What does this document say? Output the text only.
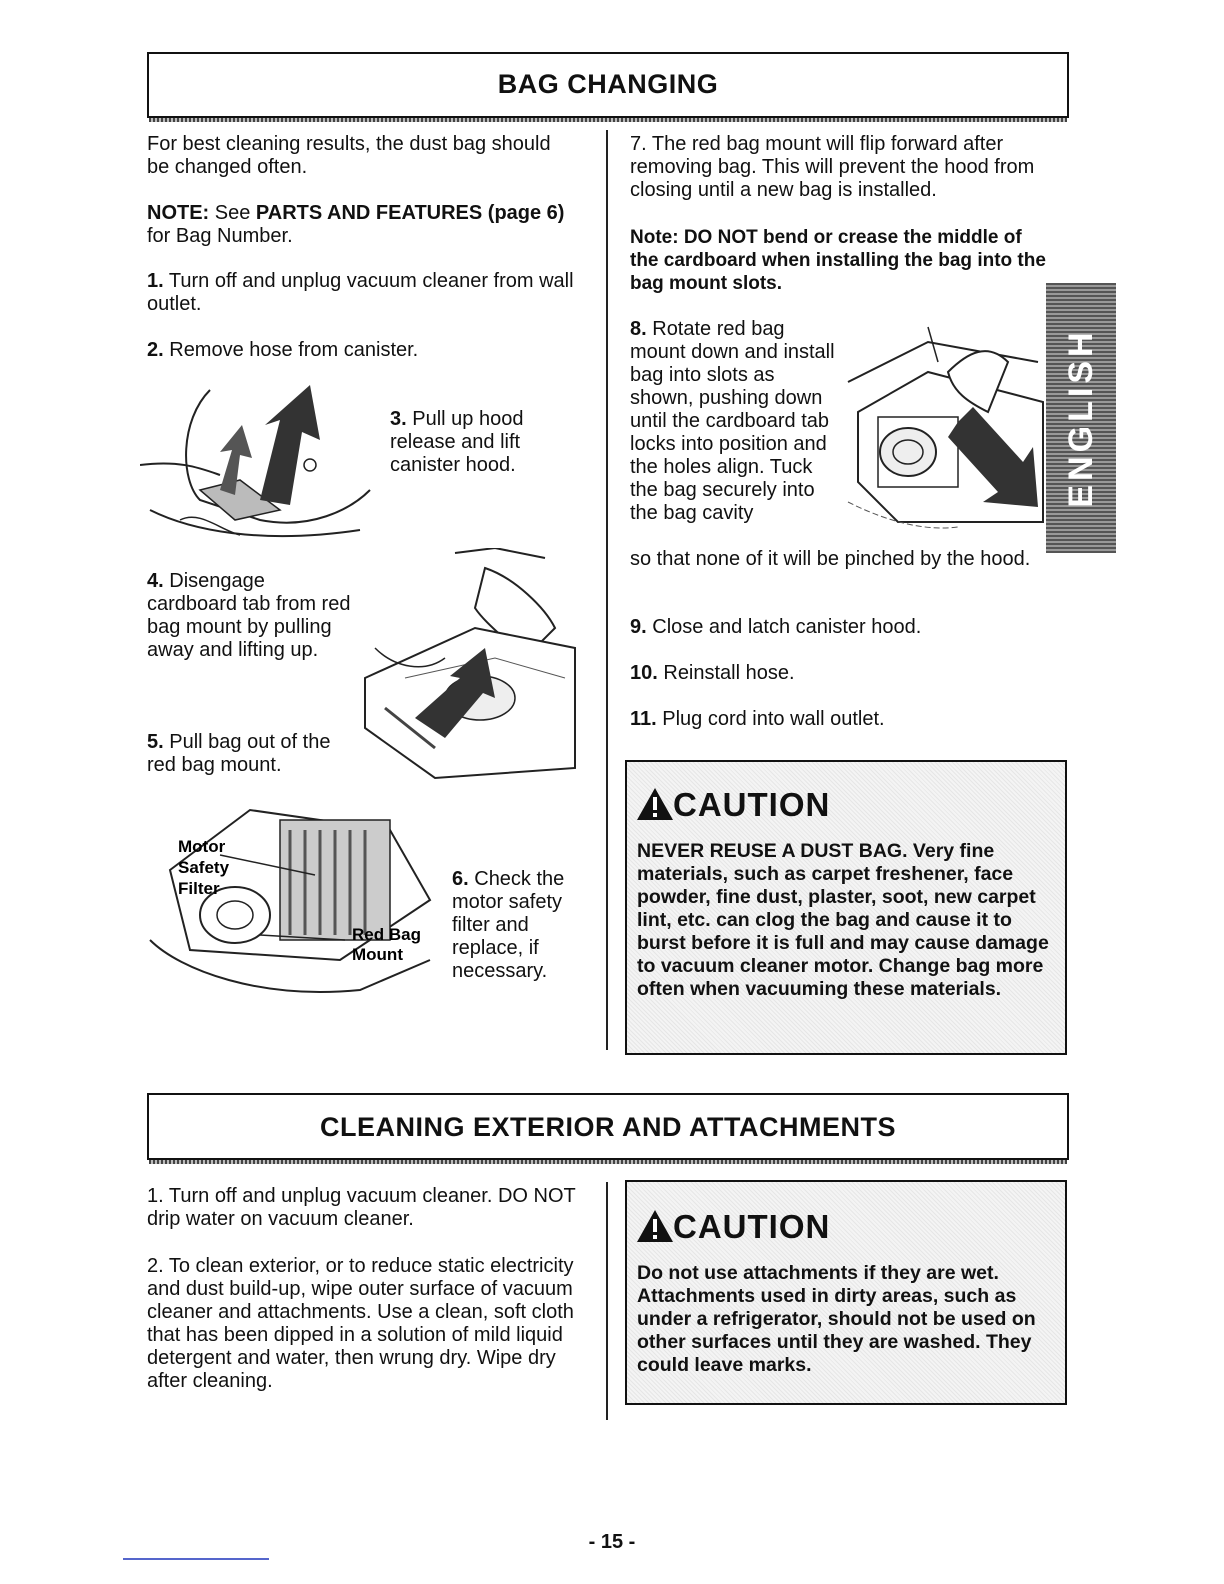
BAG CHANGING

For best cleaning results, the dust bag should be changed often.

NOTE: See PARTS AND FEATURES (page 6)
for Bag Number.
1. Turn off and unplug vacuum cleaner from wall outlet.
2. Remove hose from canister.
3. Pull up hood release and lift canister hood.
4. Disengage cardboard tab from red bag mount by pulling away and lifting up.
5. Pull bag out of the red bag mount.
Motor
Safety
Filter
Red Bag
Mount
6. Check the motor safety filter and replace, if necessary.

7. The red bag mount will flip forward after removing bag. This will prevent the hood from closing until a new bag is installed.

Note: DO NOT bend or crease the middle of the cardboard when installing the bag into the bag mount slots.

8. Rotate red bag mount down and install bag into slots as shown, pushing down until the cardboard tab locks into position and the holes align. Tuck the bag securely into the bag cavity
so that none of it will be pinched by the hood.
9. Close and latch canister hood.
10. Reinstall hose.
11. Plug cord into wall outlet.
CAUTION
NEVER REUSE A DUST BAG. Very fine materials, such as carpet freshener, face powder, fine dust, plaster, soot, new carpet lint, etc. can clog the bag and cause it to burst before it is full and may cause damage to vacuum cleaner motor. Change bag more often when vacuuming these materials.
ENGLISH
CLEANING EXTERIOR AND ATTACHMENTS

1. Turn off and unplug vacuum cleaner. DO NOT drip water on vacuum cleaner.

2. To clean exterior, or to reduce static electricity and dust build-up, wipe outer surface of vacuum cleaner and attachments. Use a clean, soft cloth that has been dipped in a solution of mild liquid detergent and water, then wrung dry. Wipe dry after cleaning.

CAUTION
Do not use attachments if they are wet. Attachments used in dirty areas, such as under a refrigerator, should not be used on other surfaces until they are washed. They could leave marks.
- 15 -
